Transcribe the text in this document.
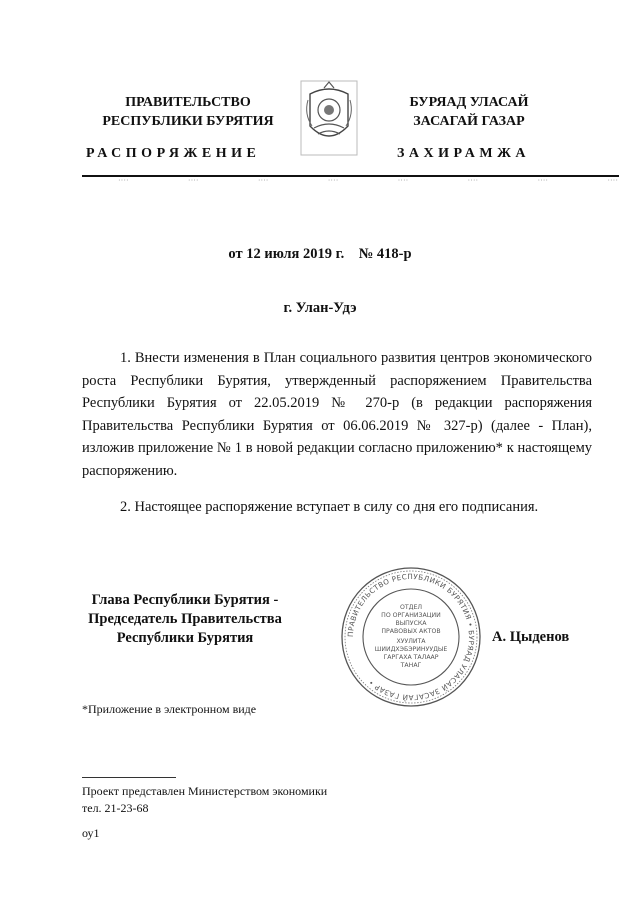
ПРАВИТЕЛЬСТВО
РЕСПУБЛИКИ БУРЯТИЯ
РАСПОРЯЖЕНИЕ
БУРЯАД УЛАСАЙ
ЗАСАГАЙ ГАЗАР
ЗАХИРАМЖА
····	····	····	····	····	····	····	····
от 12 июля 2019 г.    № 418-р
г. Улан-Удэ

1. Внести изменения в План социального развития центров экономического роста Республики Бурятия, утвержденный распоряжением Правительства Республики Бурятия от 22.05.2019 № 270-р (в редакции распоряжения Правительства Республики Бурятия от 06.06.2019 № 327-р) (далее - План), изложив приложение № 1 в новой редакции согласно приложению* к настоящему распоряжению.

2. Настоящее распоряжение вступает в силу со дня его подписания.

Глава Республики Бурятия -
Председатель Правительства
Республики Бурятия	ПРАВИТЕЛЬСТВО РЕСПУБЛИКИ БУРЯТИЯ • БУРЯАД УЛАСАЙ ЗАСАГАЙ ГАЗАР •
ОТДЕЛ
ПО ОРГАНИЗАЦИИ
ВЫПУСКА
ПРАВОВЫХ АКТОВ
ХУУЛИТА
ШИИДХЭБЭРИНУУДЫЕ
ГАРГАХА ТАЛААР
ТАНАГ
А. Цыденов
*Приложение в электронном виде
Проект представлен Министерством экономики
тел. 21-23-68
оу1
